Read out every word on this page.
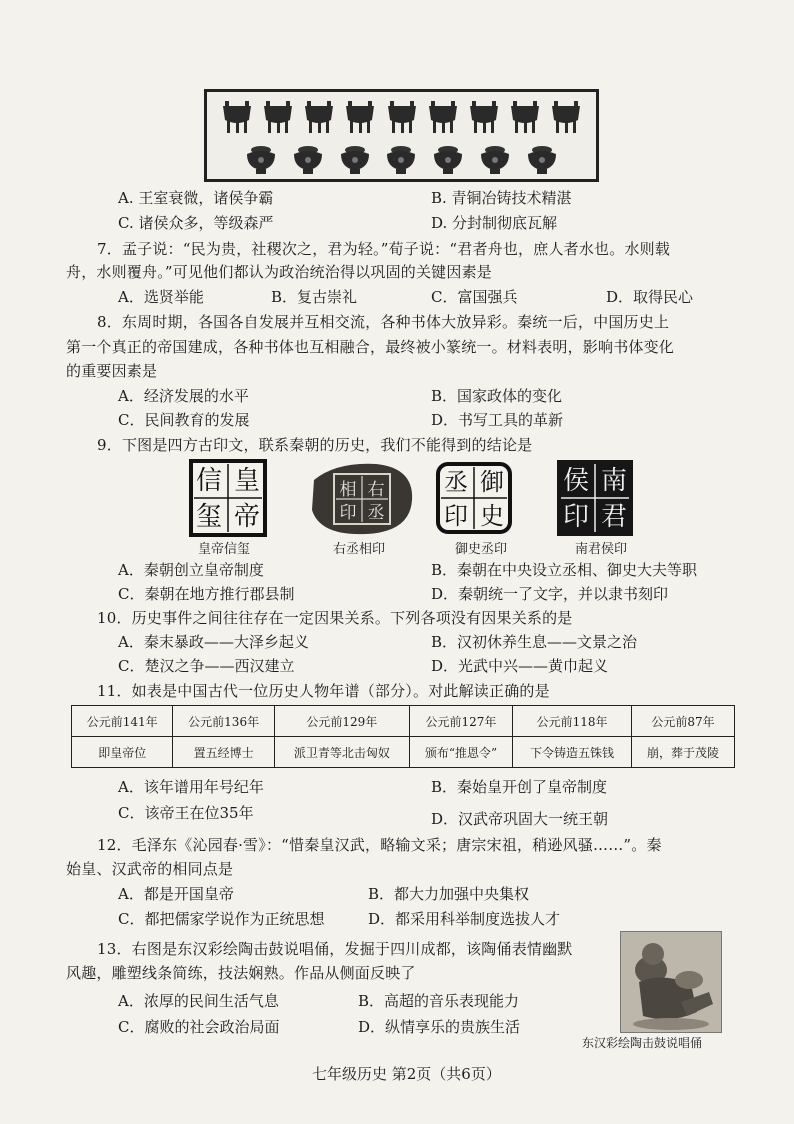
A. 王室衰微，诸侯争霸	B. 青铜冶铸技术精湛
C. 诸侯众多，等级森严	D. 分封制彻底瓦解
7．孟子说：“民为贵，社稷次之，君为轻。”荀子说：“君者舟也，庶人者水也。水则载
舟，水则覆舟。”可见他们都认为政治统治得以巩固的关键因素是
A．选贤举能	B．复古崇礼	C．富国强兵	D．取得民心
8．东周时期，各国各自发展并互相交流，各种书体大放异彩。秦统一后，中国历史上
第一个真正的帝国建成，各种书体也互相融合，最终被小篆统一。材料表明，影响书体变化
的重要因素是
A．经济发展的水平	B．国家政体的变化
C．民间教育的发展	D．书写工具的革新
9．下图是四方古印文，联系秦朝的历史，我们不能得到的结论是
皇
帝
信
玺
右
丞
相
印
御
史
丞
印
南
君
侯
印
皇帝信玺	右丞相印	御史丞印	南君侯印
A．秦朝创立皇帝制度	B．秦朝在中央设立丞相、御史大夫等职
C．秦朝在地方推行郡县制	D．秦朝统一了文字，并以隶书刻印
10．历史事件之间往往存在一定因果关系。下列各项没有因果关系的是
A．秦末暴政——大泽乡起义	B．汉初休养生息——文景之治
C．楚汉之争——西汉建立	D．光武中兴——黄巾起义
11．如表是中国古代一位历史人物年谱（部分）。对此解读正确的是
公元前141年	公元前136年	公元前129年	公元前127年	公元前118年	公元前87年
即皇帝位	置五经博士	派卫青等北击匈奴	颁布“推恩令”	下令铸造五铢钱	崩，葬于茂陵
A．该年谱用年号纪年	B．秦始皇开创了皇帝制度
C．该帝王在位35年	D．汉武帝巩固大一统王朝
12．毛泽东《沁园春·雪》：“惜秦皇汉武，略输文采；唐宗宋祖，稍逊风骚……”。秦
始皇、汉武帝的相同点是
A．都是开国皇帝	B．都大力加强中央集权
C．都把儒家学说作为正统思想	D．都采用科举制度选拔人才
13．右图是东汉彩绘陶击鼓说唱俑，发掘于四川成都，该陶俑表情幽默
风趣，雕塑线条简练，技法娴熟。作品从侧面反映了
A．浓厚的民间生活气息	B．高超的音乐表现能力
C．腐败的社会政治局面	D．纵情享乐的贵族生活
东汉彩绘陶击鼓说唱俑
七年级历史 第2页（共6页）
